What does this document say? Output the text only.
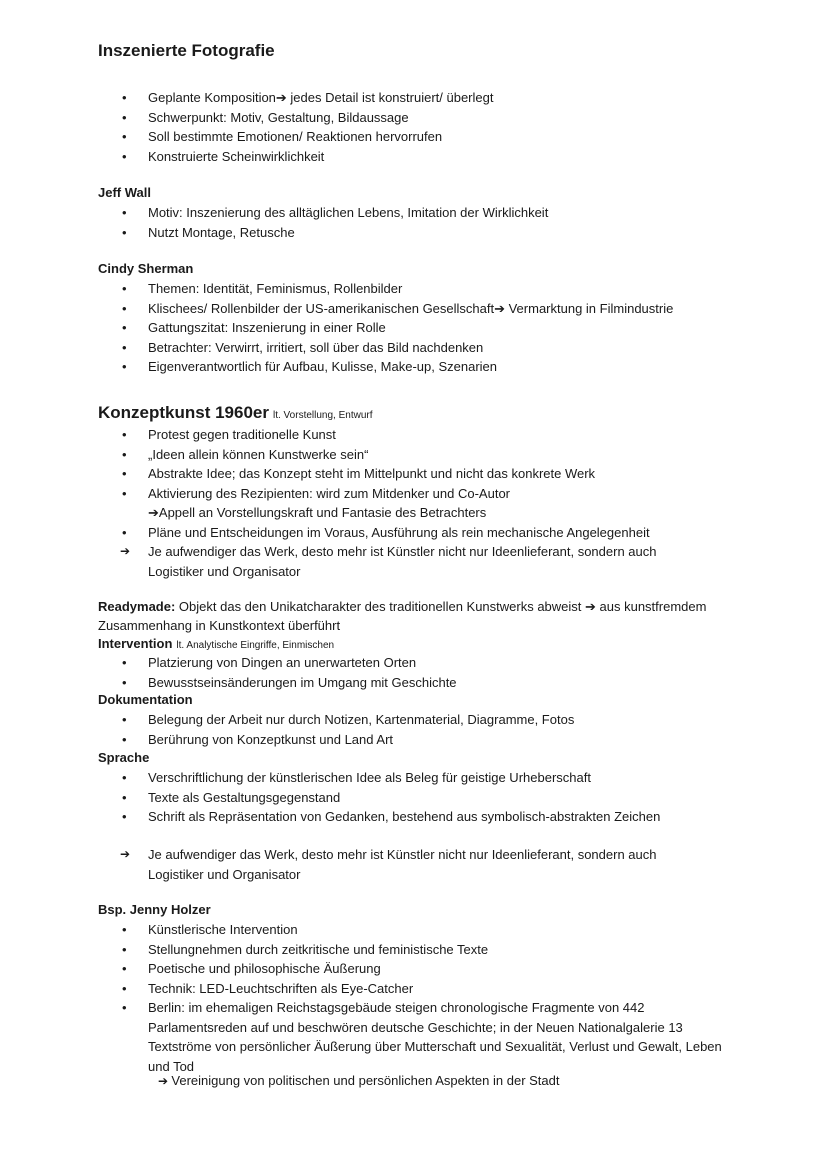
Inszenierte Fotografie
• Geplante Komposition➔ jedes Detail ist konstruiert/ überlegt
• Schwerpunkt: Motiv, Gestaltung, Bildaussage
• Soll bestimmte Emotionen/ Reaktionen hervorrufen
• Konstruierte Scheinwirklichkeit
Jeff Wall
• Motiv: Inszenierung des alltäglichen Lebens, Imitation der Wirklichkeit
• Nutzt Montage, Retusche
Cindy Sherman
• Themen: Identität, Feminismus, Rollenbilder
• Klischees/ Rollenbilder der US-amerikanischen Gesellschaft➔ Vermarktung in Filmindustrie
• Gattungszitat: Inszenierung in einer Rolle
• Betrachter: Verwirrt, irritiert, soll über das Bild nachdenken
• Eigenverantwortlich für Aufbau, Kulisse, Make-up, Szenarien
Konzeptkunst 1960er lt. Vorstellung, Entwurf
• Protest gegen traditionelle Kunst
• „Ideen allein können Kunstwerke sein“
• Abstrakte Idee; das Konzept steht im Mittelpunkt und nicht das konkrete Werk
• Aktivierung des Rezipienten: wird zum Mitdenker und Co-Autor
➔Appell an Vorstellungskraft und Fantasie des Betrachters
• Pläne und Entscheidungen im Voraus, Ausführung als rein mechanische Angelegenheit
➔ Je aufwendiger das Werk, desto mehr ist Künstler nicht nur Ideenlieferant, sondern auch Logistiker und Organisator
Readymade: Objekt das den Unikatcharakter des traditionellen Kunstwerks abweist ➔ aus kunstfremdem Zusammenhang in Kunstkontext überführt
Intervention lt. Analytische Eingriffe, Einmischen
• Platzierung von Dingen an unerwarteten Orten
• Bewusstseinsänderungen im Umgang mit Geschichte
Dokumentation
• Belegung der Arbeit nur durch Notizen, Kartenmaterial, Diagramme, Fotos
• Berührung von Konzeptkunst und Land Art
Sprache
• Verschriftlichung der künstlerischen Idee als Beleg für geistige Urheberschaft
• Texte als Gestaltungsgegenstand
• Schrift als Repräsentation von Gedanken, bestehend aus symbolisch-abstrakten Zeichen
➔ Je aufwendiger das Werk, desto mehr ist Künstler nicht nur Ideenlieferant, sondern auch Logistiker und Organisator
Bsp. Jenny Holzer
• Künstlerische Intervention
• Stellungnehmen durch zeitkritische und feministische Texte
• Poetische und philosophische Äußerung
• Technik: LED-Leuchtschriften als Eye-Catcher
• Berlin: im ehemaligen Reichstagsgebäude steigen chronologische Fragmente von 442 Parlamentsreden auf und beschwören deutsche Geschichte; in der Neuen Nationalgalerie 13 Textströme von persönlicher Äußerung über Mutterschaft und Sexualität, Verlust und Gewalt, Leben und Tod
➔ Vereinigung von politischen und persönlichen Aspekten in der Stadt
